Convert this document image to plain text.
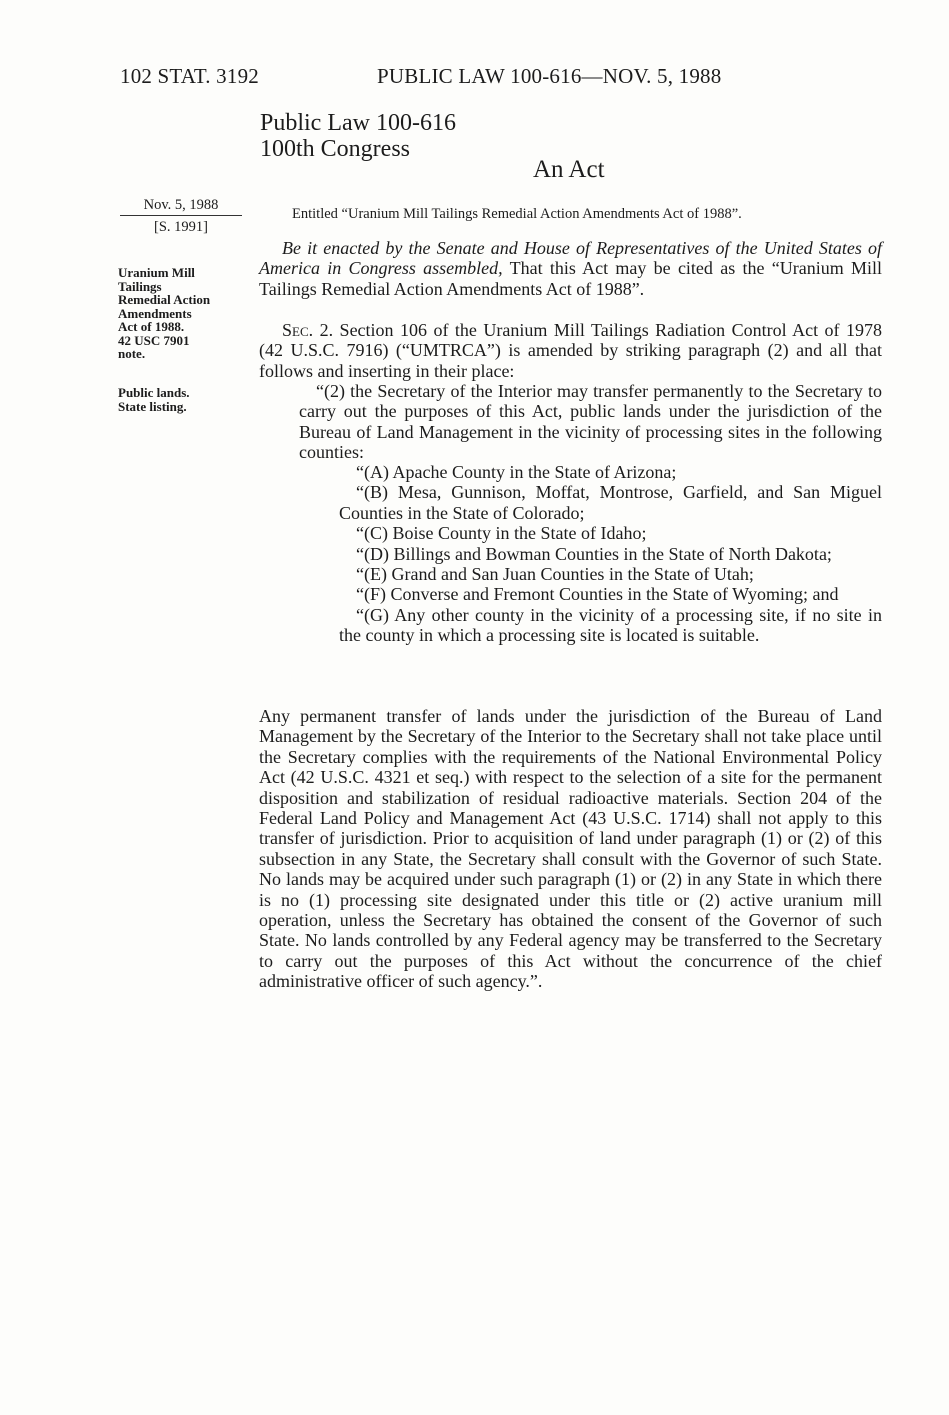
102 STAT. 3192	PUBLIC LAW 100-616—NOV. 5, 1988
Public Law 100-616
100th Congress
An Act
Nov. 5, 1988
[S. 1991]
Uranium Mill
Tailings
Remedial Action
Amendments
Act of 1988.
42 USC 7901
note.
Public lands.
State listing.
Entitled “Uranium Mill Tailings Remedial Action Amendments Act of 1988”.

Be it enacted by the Senate and House of Representatives of the United States of America in Congress assembled, That this Act may be cited as the “Uranium Mill Tailings Remedial Action Amendments Act of 1988”.

Sec. 2. Section 106 of the Uranium Mill Tailings Radiation Control Act of 1978 (42 U.S.C. 7916) (“UMTRCA”) is amended by striking paragraph (2) and all that follows and inserting in their place:

“(2) the Secretary of the Interior may transfer permanently to the Secretary to carry out the purposes of this Act, public lands under the jurisdiction of the Bureau of Land Management in the vicinity of processing sites in the following counties:

“(A) Apache County in the State of Arizona;

“(B) Mesa, Gunnison, Moffat, Montrose, Garfield, and San Miguel Counties in the State of Colorado;

“(C) Boise County in the State of Idaho;

“(D) Billings and Bowman Counties in the State of North Dakota;

“(E) Grand and San Juan Counties in the State of Utah;

“(F) Converse and Fremont Counties in the State of Wyoming; and

“(G) Any other county in the vicinity of a processing site, if no site in the county in which a processing site is located is suitable.

Any permanent transfer of lands under the jurisdiction of the Bureau of Land Management by the Secretary of the Interior to the Secretary shall not take place until the Secretary complies with the requirements of the National Environmental Policy Act (42 U.S.C. 4321 et seq.) with respect to the selection of a site for the permanent disposition and stabilization of residual radioactive materials. Section 204 of the Federal Land Policy and Management Act (43 U.S.C. 1714) shall not apply to this transfer of jurisdiction. Prior to acquisition of land under paragraph (1) or (2) of this subsection in any State, the Secretary shall consult with the Governor of such State. No lands may be acquired under such paragraph (1) or (2) in any State in which there is no (1) processing site designated under this title or (2) active uranium mill operation, unless the Secretary has obtained the consent of the Governor of such State. No lands controlled by any Federal agency may be transferred to the Secretary to carry out the purposes of this Act without the concurrence of the chief administrative officer of such agency.”.
